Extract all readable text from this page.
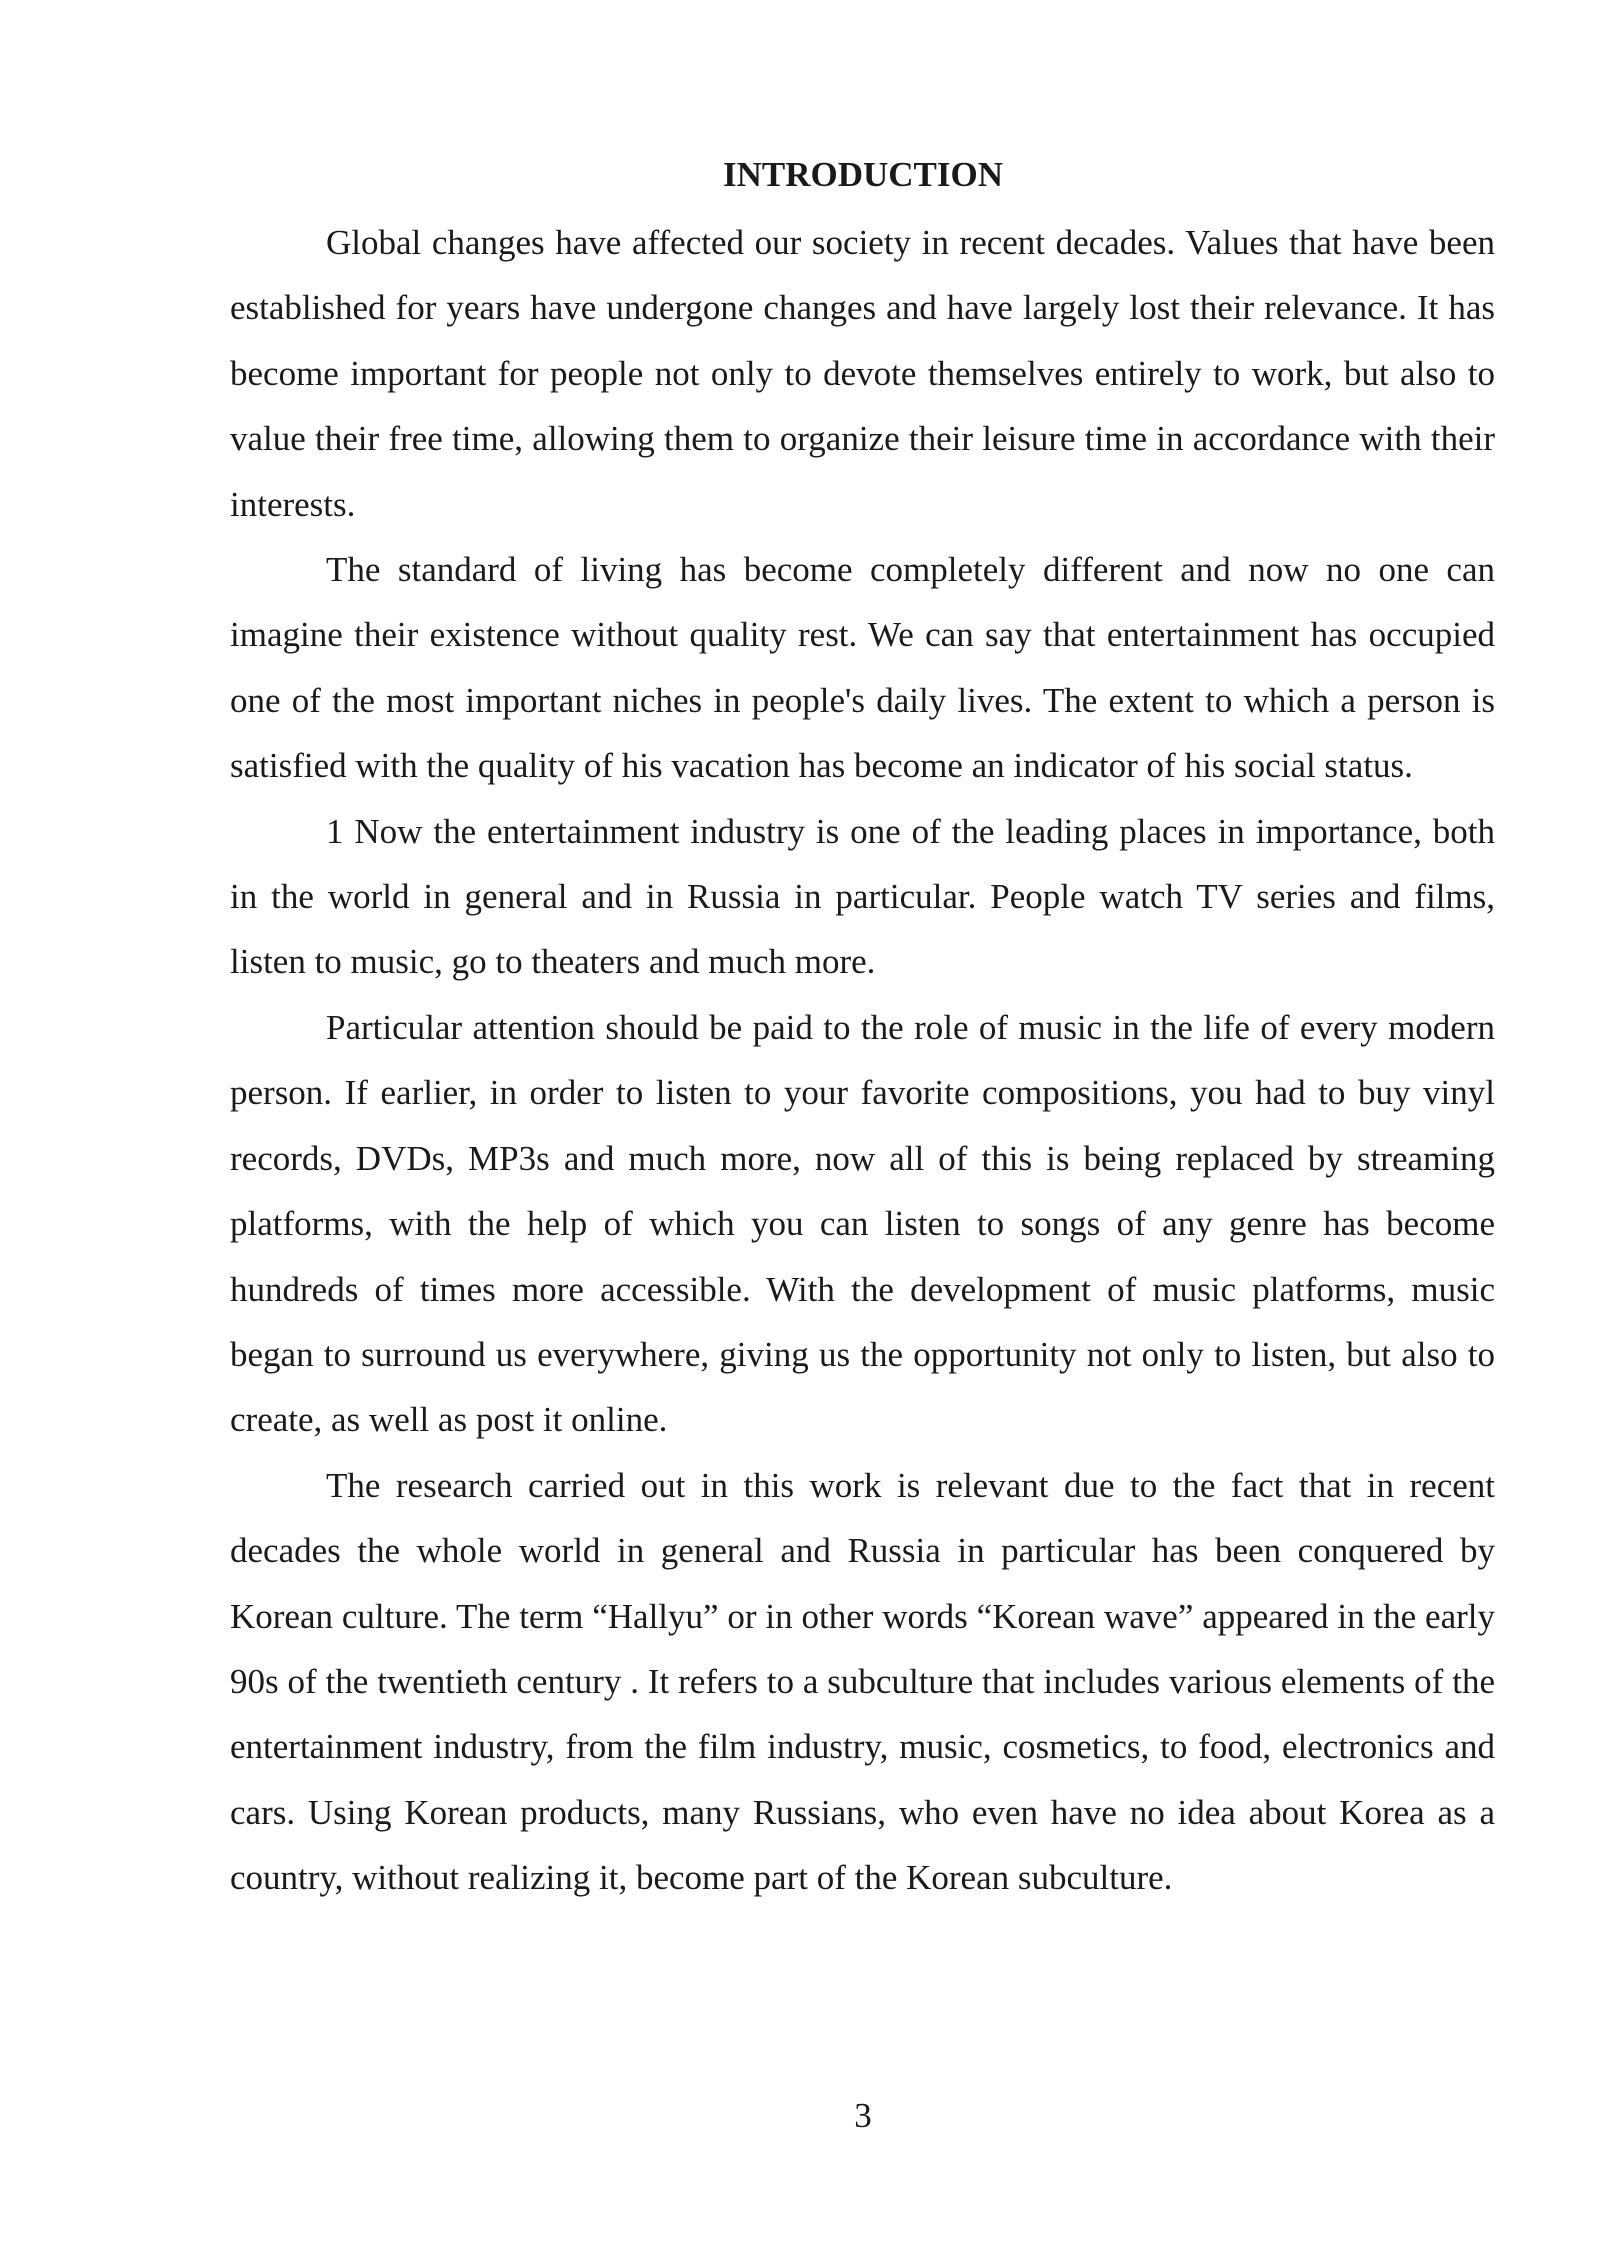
INTRODUCTION

Global changes have affected our society in recent decades. Values that have been established for years have undergone changes and have largely lost their relevance. It has become important for people not only to devote themselves entirely to work, but also to value their free time, allowing them to organize their leisure time in accordance with their interests.

The standard of living has become completely different and now no one can imagine their existence without quality rest. We can say that entertainment has occupied one of the most important niches in people's daily lives. The extent to which a person is satisfied with the quality of his vacation has become an indicator of his social status.

1 Now the entertainment industry is one of the leading places in importance, both in the world in general and in Russia in particular. People watch TV series and films, listen to music, go to theaters and much more.

Particular attention should be paid to the role of music in the life of every modern person. If earlier, in order to listen to your favorite compositions, you had to buy vinyl records, DVDs, MP3s and much more, now all of this is being replaced by streaming platforms, with the help of which you can listen to songs of any genre has become hundreds of times more accessible. With the development of music platforms, music began to surround us everywhere, giving us the opportunity not only to listen, but also to create, as well as post it online.

The research carried out in this work is relevant due to the fact that in recent decades the whole world in general and Russia in particular has been conquered by Korean culture. The term “Hallyu” or in other words “Korean wave” appeared in the early 90s of the twentieth century . It refers to a subculture that includes various elements of the entertainment industry, from the film industry, music, cosmetics, to food, electronics and cars. Using Korean products, many Russians, who even have no idea about Korea as a country, without realizing it, become part of the Korean subculture.

3
